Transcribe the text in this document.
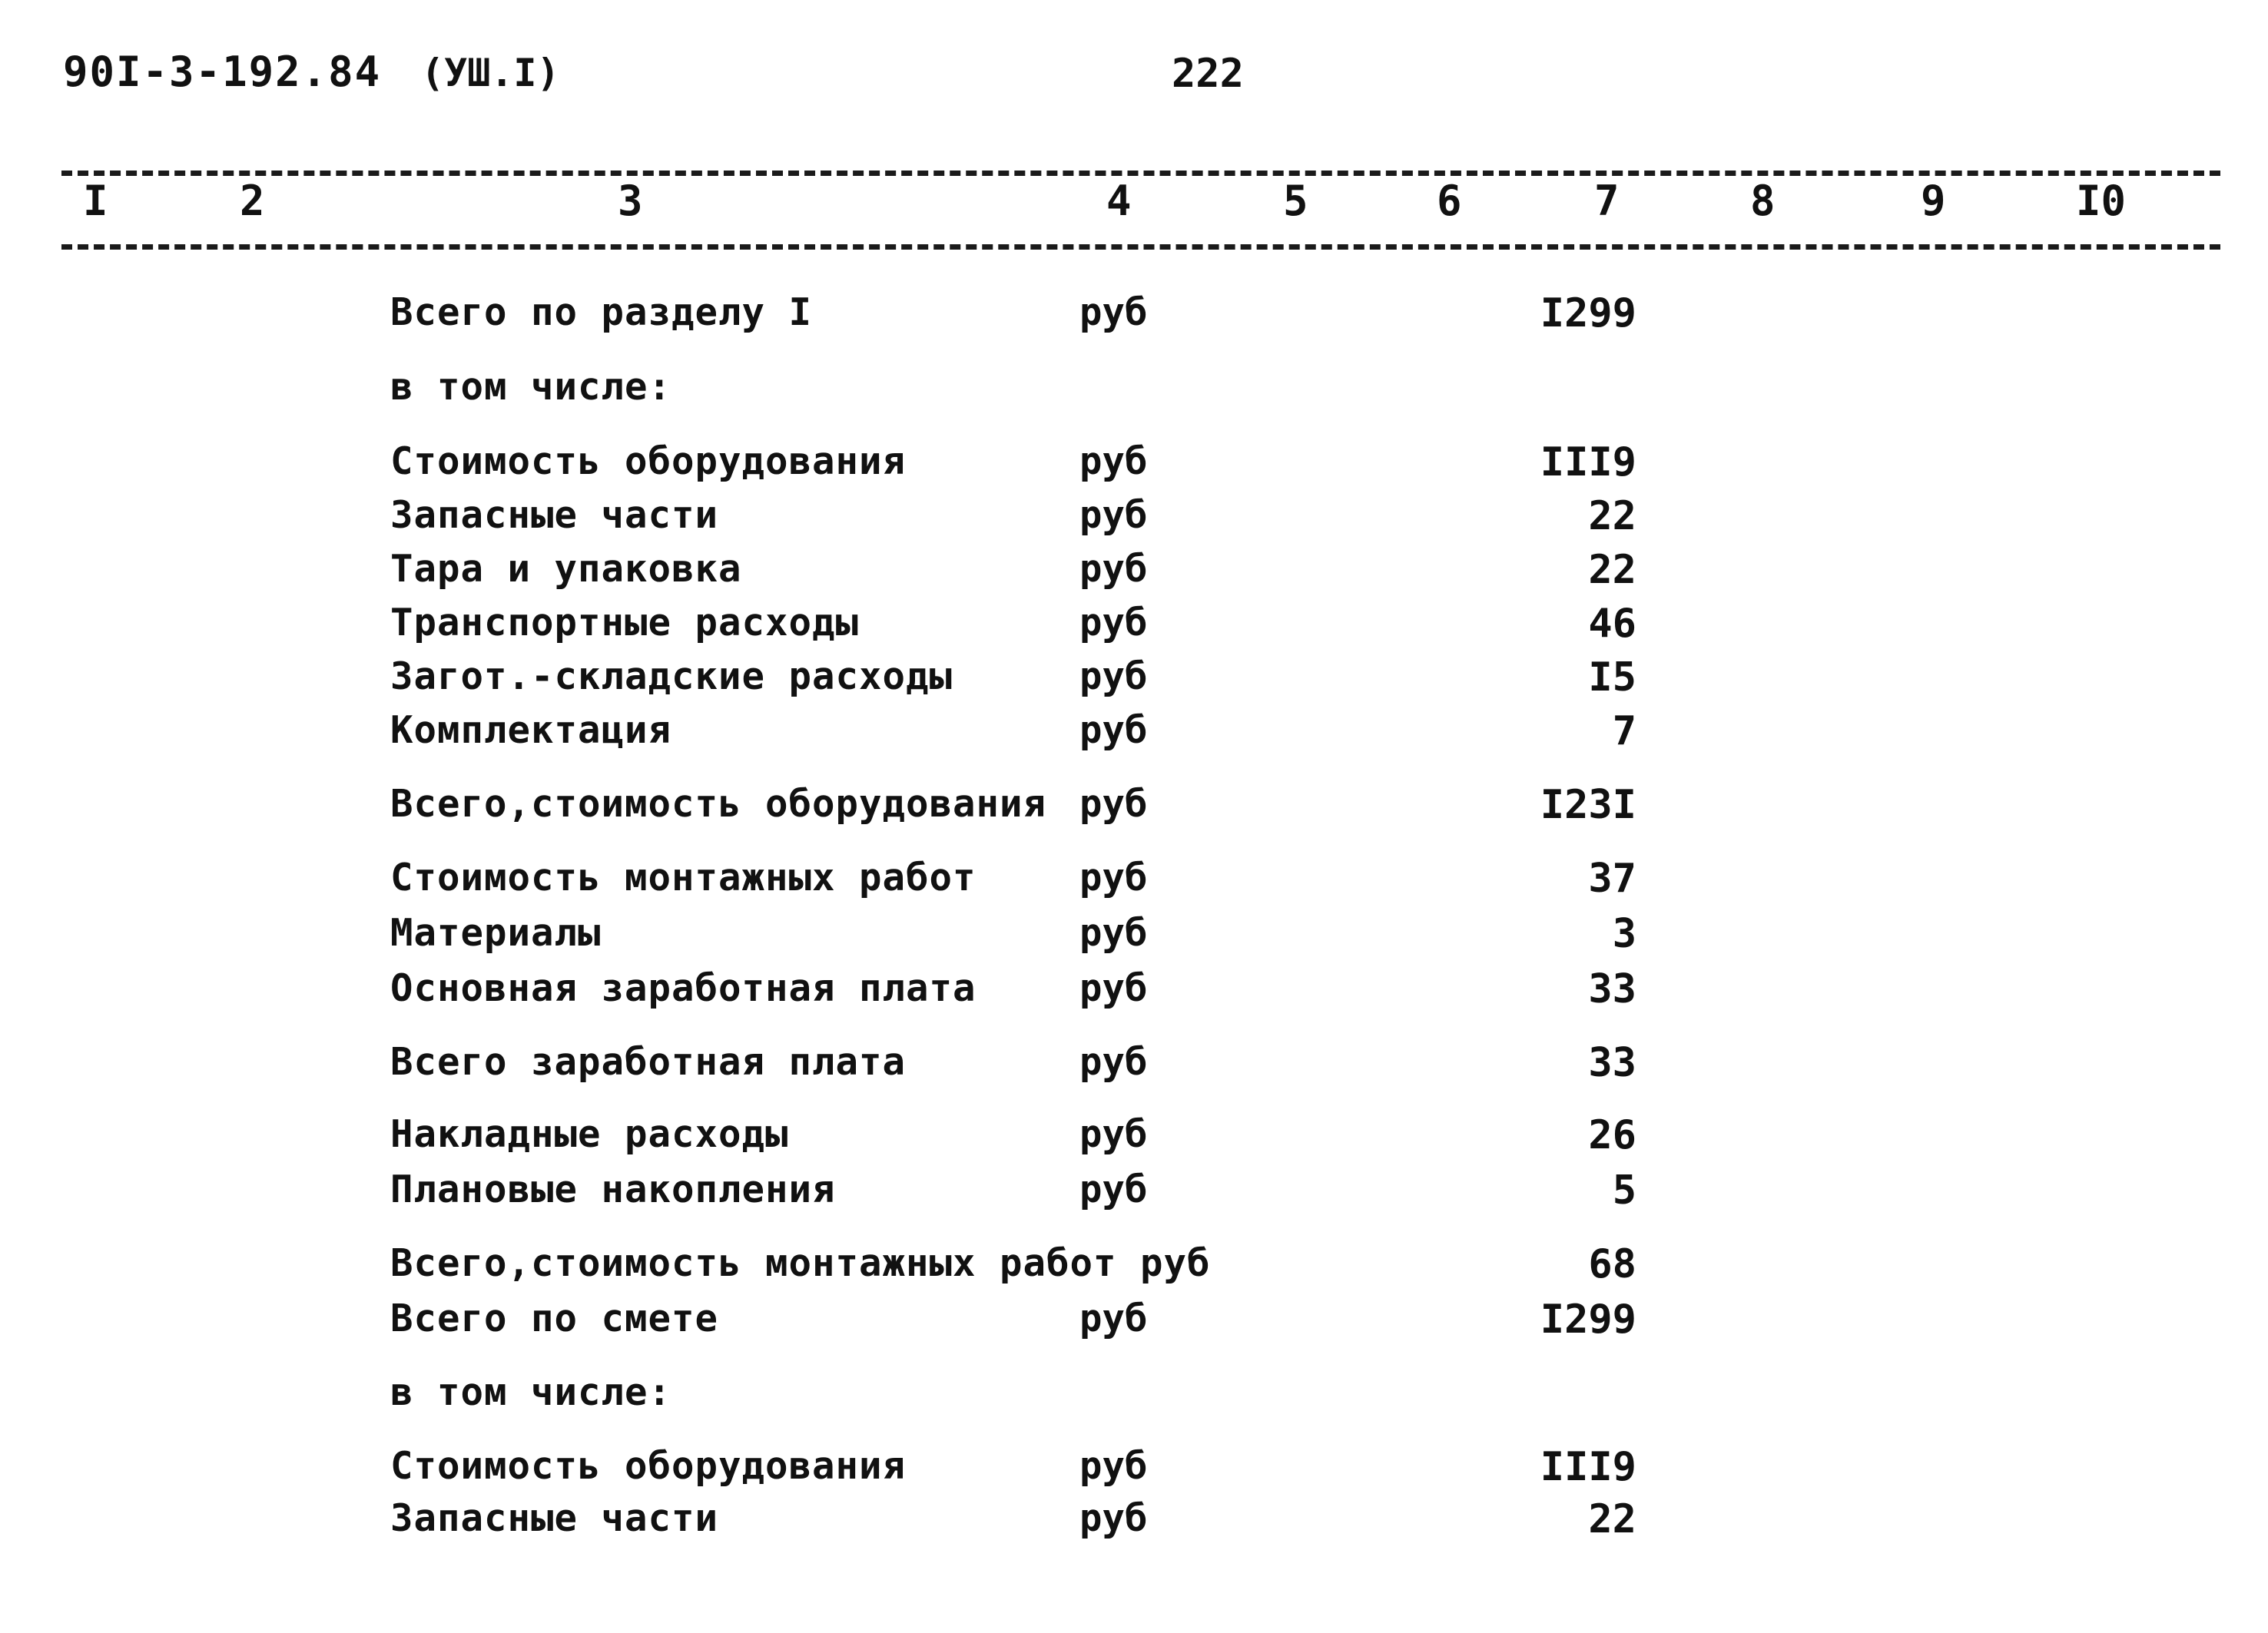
90I-3-192.84 (УШ.I)	222
I	2	3	4	5	6	7	8	9	I0
Всего по разделу I	руб	I299
в том числе:
Стоимость оборудования	руб	III9
Запасные части	руб	22
Тара и упаковка	руб	22
Транспортные расходы	руб	46
Загот.-складские расходы	руб	I5
Комплектация	руб	7
Всего,стоимость оборудования руб	I23I
Стоимость монтажных работ	руб	37
Материалы	руб	3
Основная заработная плата	руб	33
Всего заработная плата	руб	33
Накладные расходы	руб	26
Плановые накопления	руб	5
Всего,стоимость монтажных работ руб	68
Всего по смете	руб	I299
в том числе:
Стоимость оборудования	руб	III9
Запасные части	руб	22
